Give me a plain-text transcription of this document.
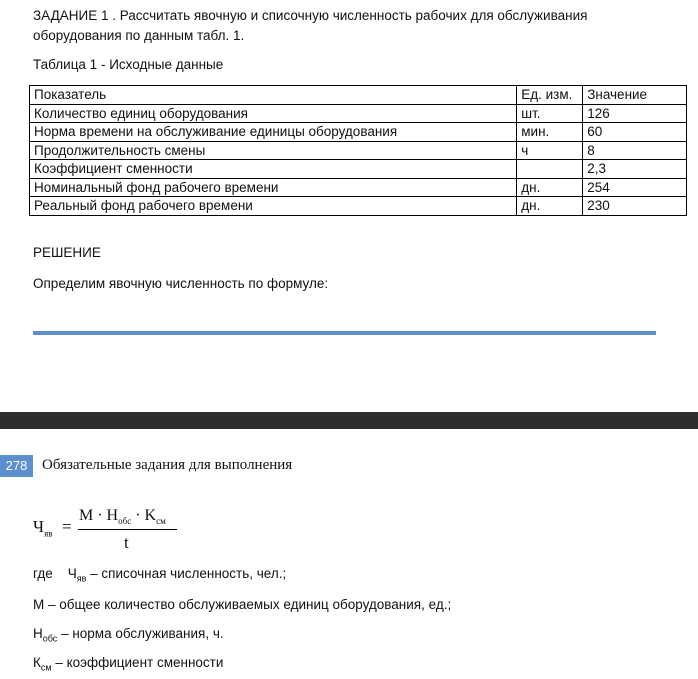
ЗАДАНИЕ 1 . Рассчитать явочную и списочную численность рабочих для обслуживания оборудования по данным табл. 1.
Таблица 1 - Исходные данные
Показатель	Ед. изм.	Значение
Количество единиц оборудования	шт.	126
Норма времени на обслуживание единицы оборудования	мин.	60
Продолжительность смены	ч	8
Коэффициент сменности		2,3
Номинальный фонд рабочего времени	дн.	254
Реальный фонд рабочего времени	дн.	230
РЕШЕНИЕ
Определим явочную численность по формуле:
278 Обязательные задания для выполнения
$Ч_{яв}$ =
$M \cdot H_{обс} \cdot K_{см}$
t
где $Ч_{яв}$ – списочная численность, чел.;
М – общее количество обслуживаемых единиц оборудования, ед.;
$Н_{обс}$ – норма обслуживания, ч.
$К_{см}$ – коэффициент сменности
